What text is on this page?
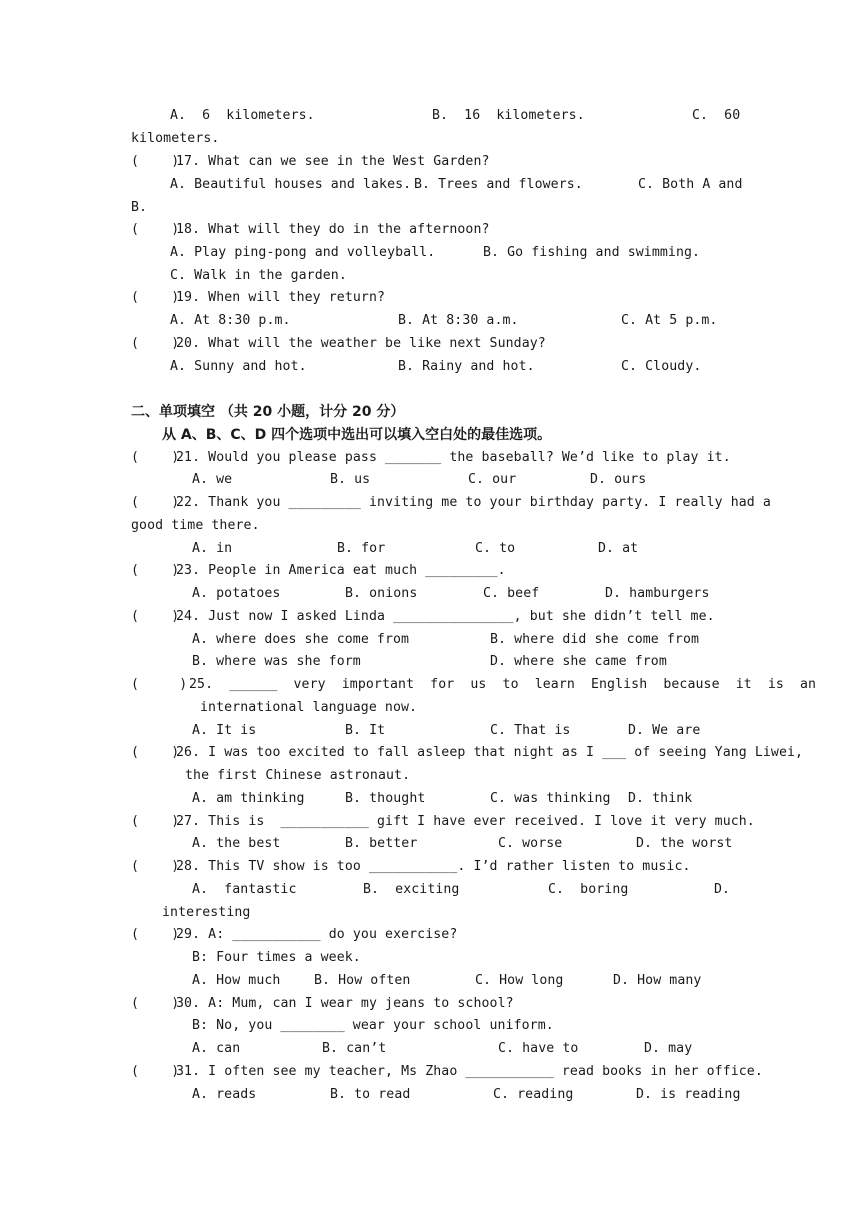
A.  6  kilometers.	B.  16  kilometers.	C.  60
kilometers.
(    )
17. What can we see in the West Garden?
A. Beautiful houses and lakes. B. Trees and flowers.	C. Both A and
B.
(    )
18. What will they do in the afternoon?
A. Play ping-pong and volleyball.	B. Go fishing and swimming.
C. Walk in the garden.
(    )
19. When will they return?
A. At 8:30 p.m.	B. At 8:30 a.m.	C. At 5 p.m.
(    )
20. What will the weather be like next Sunday?
A. Sunny and hot.	B. Rainy and hot.	C. Cloudy.
二、单项填空 （共 20 小题，计分 20 分）
从 A、B、C、D 四个选项中选出可以填入空白处的最佳选项。
(    )
21. Would you please pass _______ the baseball? We’d like to play it.
A. we	B. us	C. our	D. ours
(    )
22. Thank you _________ inviting me to your birthday party. I really had a
good time there.
A. in	B. for	C. to	D. at
(    )
23. People in America eat much _________.
A. potatoes	B. onions	C. beef	D. hamburgers
(    )
24. Just now I asked Linda _______________, but she didn’t tell me.
A. where does she come from	B. where did she come from
B. where was she form	D. where she came from
(     ) 25.  ______  very  important  for  us  to  learn  English  because  it  is  an
international language now.
A. It is	B. It	C. That is	D. We are
(    )
26. I was too excited to fall asleep that night as I ___ of seeing Yang Liwei,
the first Chinese astronaut.
A. am thinking	B. thought	C. was thinking D. think
(    )
27. This is  ___________ gift I have ever received. I love it very much.
A. the best	B. better	C. worse	D. the worst
(    )
28. This TV show is too ___________. I’d rather listen to music.
A.  fantastic	B.  exciting	C.  boring	D.
interesting
(    )
29. A: ___________ do you exercise?
B: Four times a week.
A. How much	B. How often	C. How long	D. How many
(    )
30. A: Mum, can I wear my jeans to school?
B: No, you ________ wear your school uniform.
A. can	B. can’t	C. have to	D. may
(    )
31. I often see my teacher, Ms Zhao ___________ read books in her office.
A. reads	B. to read	C. reading	D. is reading
